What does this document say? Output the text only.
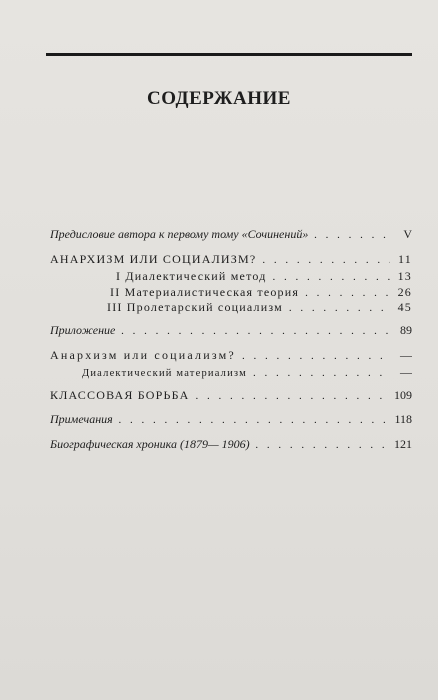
СОДЕРЖАНИЕ
Предисловие автора к первому тому «Сочинений» . . .	V
АНАРХИЗМ ИЛИ СОЦИАЛИЗМ? . . .	11
I Диалектический метод . . .	13
II Материалистическая теория . . .	26
III Пролетарский социализм . . .	45
Приложение . . .	89
Анархизм или социализм? . . .	—
Диалектический материализм . . .	—
КЛАССОВАЯ БОРЬБА . . .	109
Примечания . . .	118
Биографическая хроника (1879— 1906) . . .	121
